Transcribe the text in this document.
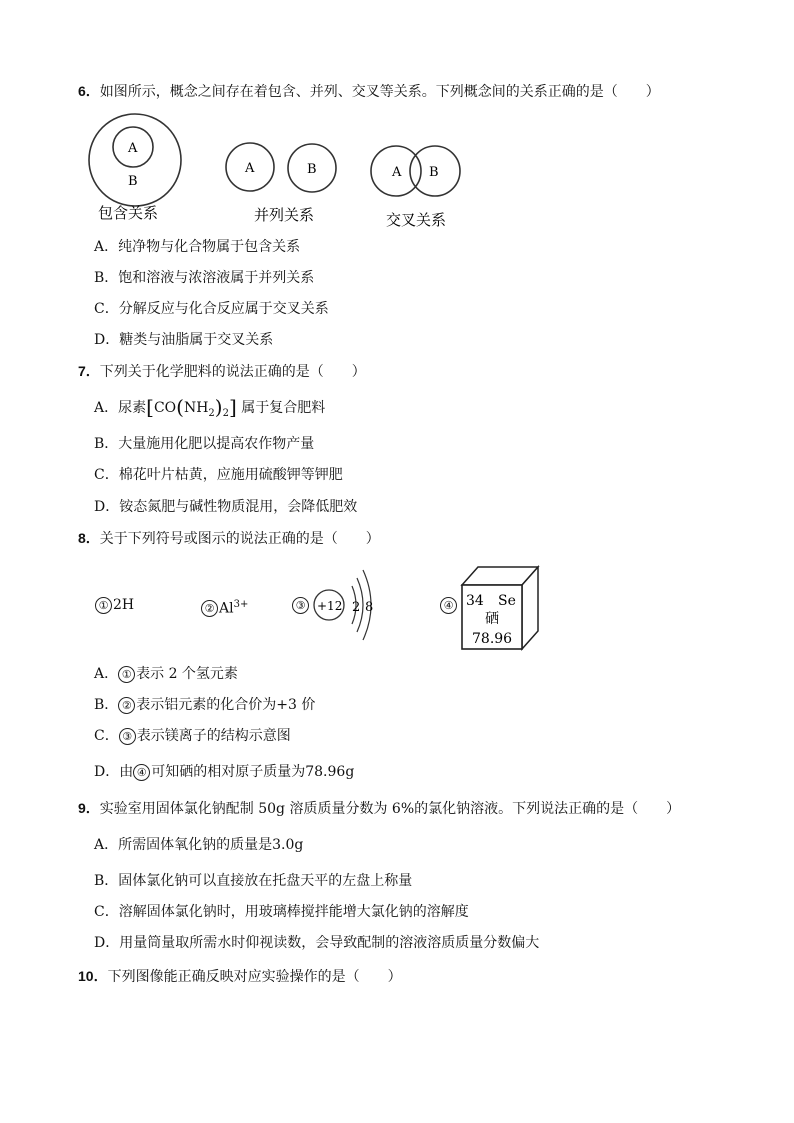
6．如图所示，概念之间存在着包含、并列、交叉等关系。下列概念间的关系正确的是（　　）
A
B
包含关系
A	B
并列关系
A B
交叉关系
A．纯净物与化合物属于包含关系
B．饱和溶液与浓溶液属于并列关系
C．分解反应与化合反应属于交叉关系
D．糖类与油脂属于交叉关系
7．下列关于化学肥料的说法正确的是（　　）
A．尿素$[CO(NH_2)_2]$ 属于复合肥料
B．大量施用化肥以提高农作物产量
C．棉花叶片枯黄，应施用硫酸钾等钾肥
D．铵态氮肥与碱性物质混用，会降低肥效
8．关于下列符号或图示的说法正确的是（　　）
① 2H	② $Al^{3+}$	③ +12 2 8	④ 34 Se
硒
78.96
A． ① 表示 2 个氢元素
B． ② 表示铝元素的化合价为+3 价
C． ③ 表示镁离子的结构示意图
D．由 ④ 可知硒的相对原子质量为78.96g
9．实验室用固体氯化钠配制 50g 溶质质量分数为 6%的氯化钠溶液。下列说法正确的是（　　）
A．所需固体氧化钠的质量是3.0g
B．固体氯化钠可以直接放在托盘天平的左盘上称量
C．溶解固体氯化钠时，用玻璃棒搅拌能增大氯化钠的溶解度
D．用量筒量取所需水时仰视读数，会导致配制的溶液溶质质量分数偏大
10．下列图像能正确反映对应实验操作的是（　　）
